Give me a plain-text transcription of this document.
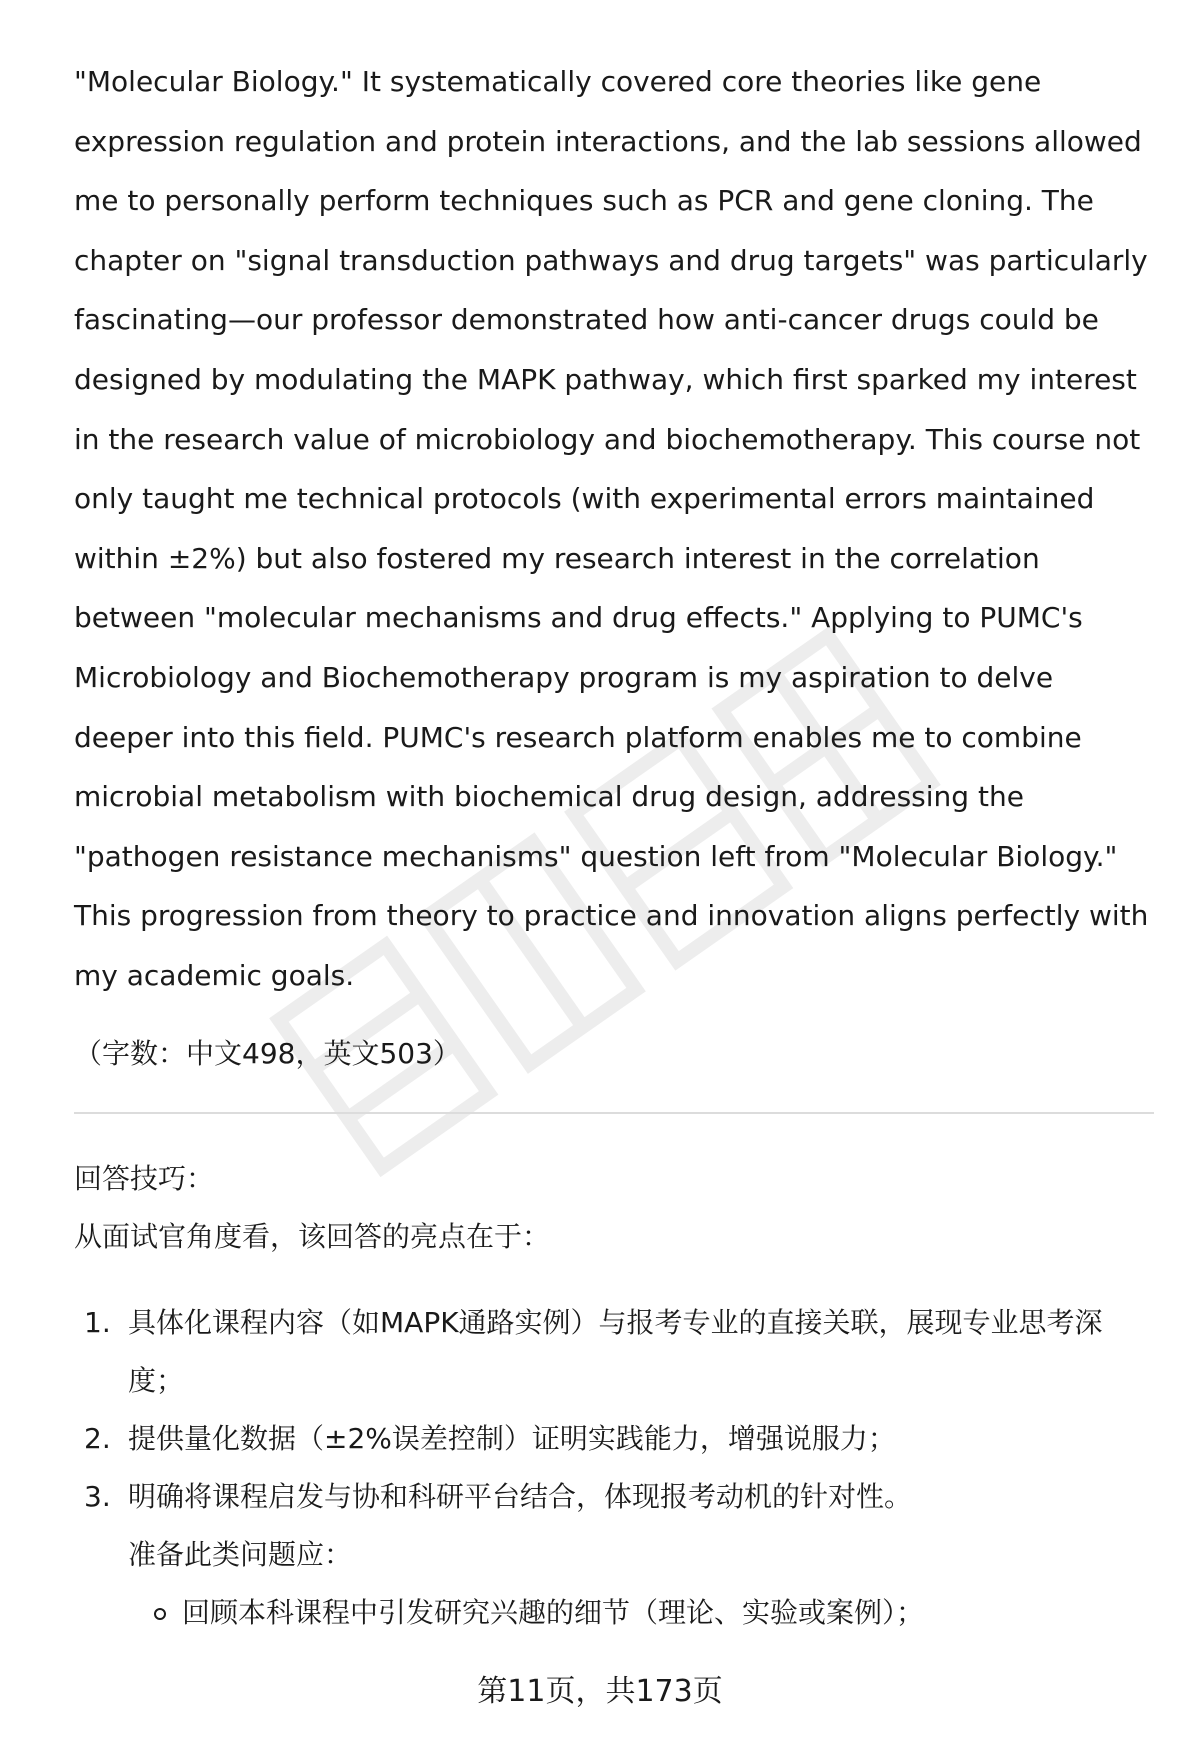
"Molecular Biology." It systematically covered core theories like gene expression regulation and protein interactions, and the lab sessions allowed me to personally perform techniques such as PCR and gene cloning. The chapter on "signal transduction pathways and drug targets" was particularly fascinating—our professor demonstrated how anti-cancer drugs could be designed by modulating the MAPK pathway, which first sparked my interest in the research value of microbiology and biochemotherapy. This course not only taught me technical protocols (with experimental errors maintained within ±2%) but also fostered my research interest in the correlation between "molecular mechanisms and drug effects." Applying to PUMC's Microbiology and Biochemotherapy program is my aspiration to delve deeper into this field. PUMC's research platform enables me to combine microbial metabolism with biochemical drug design, addressing the "pathogen resistance mechanisms" question left from "Molecular Biology." This progression from theory to practice and innovation aligns perfectly with my academic goals.

（字数：中文498，英文503）
回答技巧：
从面试官角度看，该回答的亮点在于：
1. 具体化课程内容（如MAPK通路实例）与报考专业的直接关联，展现专业思考深度；
2. 提供量化数据（±2%误差控制）证明实践能力，增强说服力；
3. 明确将课程启发与协和科研平台结合，体现报考动机的针对性。
准备此类问题应：
回顾本科课程中引发研究兴趣的细节（理论、实验或案例）；
第11页，共173页
